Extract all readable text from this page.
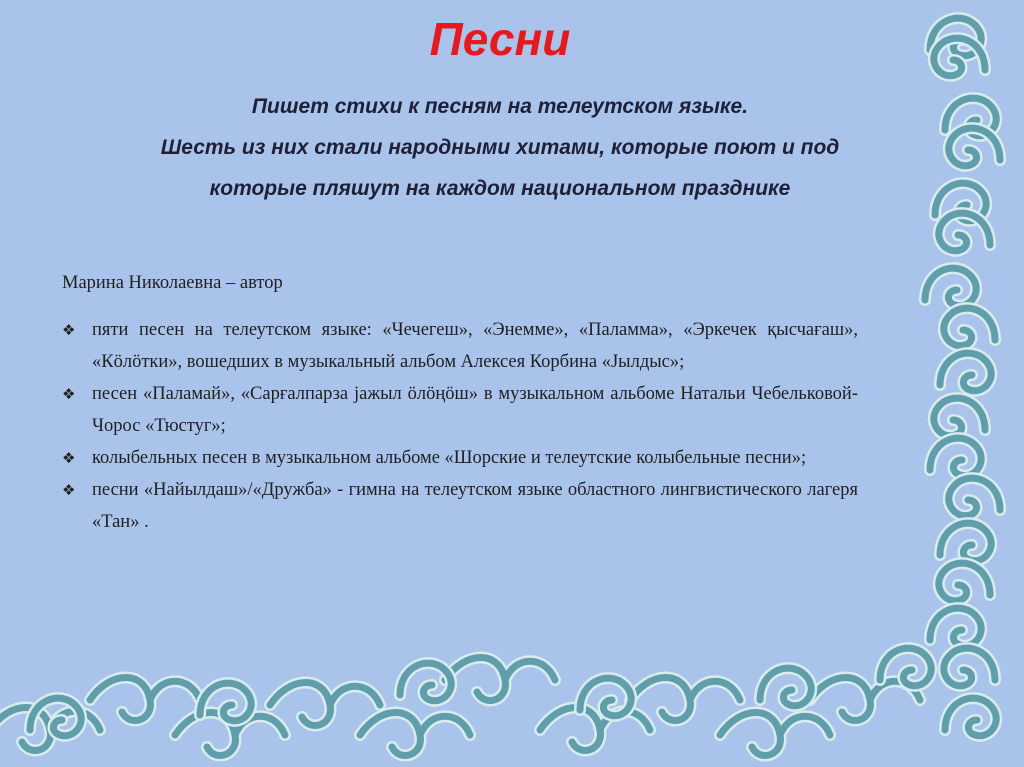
Песни
Пишет стихи к песням на телеутском языке.
Шесть из них стали народными хитами, которые поют и под
которые пляшут на каждом национальном празднике

Марина Николаевна – автор

❖ пяти песен на телеутском языке: «Чечегеш», «Энемме», «Паламма», «Эркечек қысчағаш», «Кӧлӧтки», вошедших в музыкальный альбом Алексея Корбина «Јылдыс»;
❖ песен «Паламай», «Сарғалпарза јажыл ӧлӧңӧш» в музыкальном альбоме Натальи Чебельковой-Чорос «Тюстуг»;
❖ колыбельных песен в музыкальном альбоме «Шорские и телеутские колыбельные песни»;
❖ песни «Найылдаш»/«Дружба» - гимна на телеутском языке областного лингвистического лагеря «Тан» .
